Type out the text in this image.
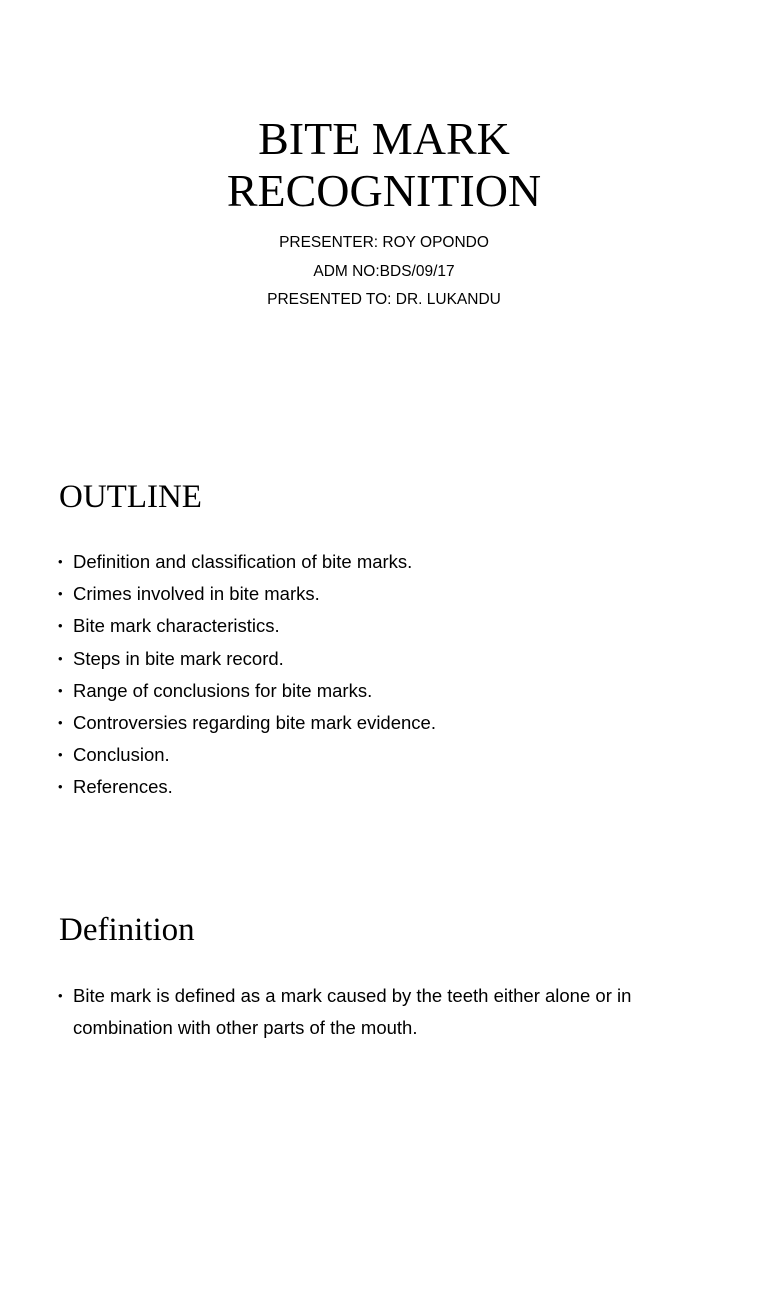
BITE MARK
RECOGNITION
PRESENTER: ROY OPONDO
ADM NO:BDS/09/17
PRESENTED TO: DR. LUKANDU
OUTLINE
• Definition and classification of bite marks.
• Crimes involved in bite marks.
• Bite mark characteristics.
• Steps in bite mark record.
• Range of conclusions for bite marks.
• Controversies regarding bite mark evidence.
• Conclusion.
• References.
Definition
• Bite mark is defined as a mark caused by the teeth either alone or in combination with other parts of the mouth.
